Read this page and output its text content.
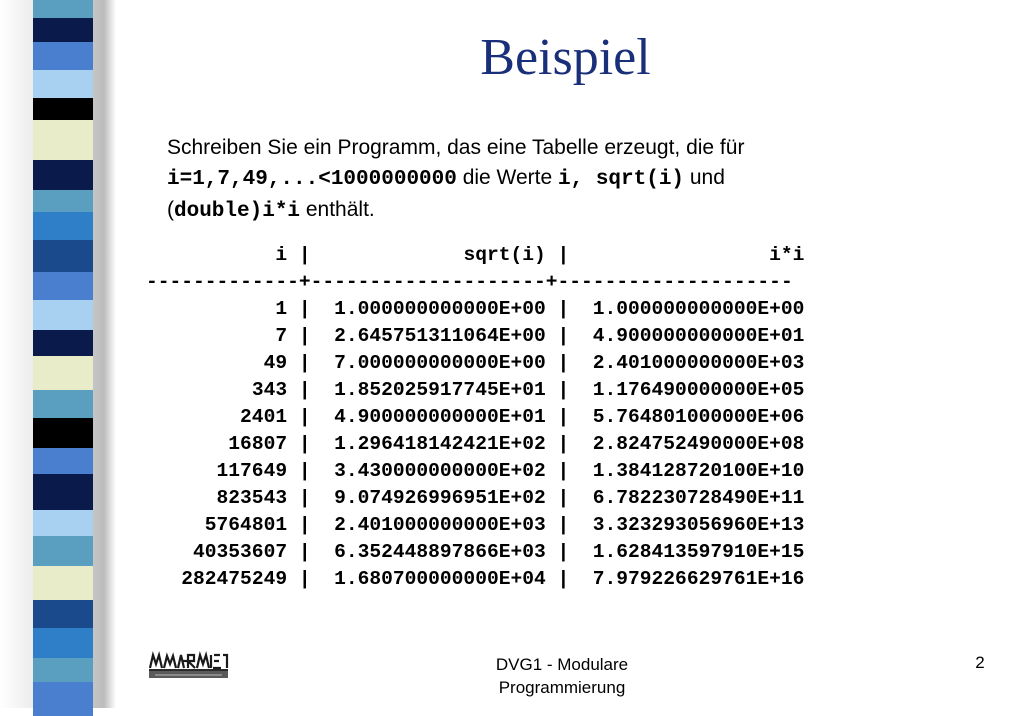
Beispiel
Schreiben Sie ein Programm, das eine Tabelle erzeugt, die für
i=1,7,49,...<1000000000 die Werte i, sqrt(i) und
(double)i*i enthält.
i |	sqrt(i) |	i*i
-------------+--------------------+--------------------
1 | 1.000000000000E+00 | 1.000000000000E+00
7 | 2.645751311064E+00 | 4.900000000000E+01
49 | 7.000000000000E+00 | 2.401000000000E+03
343 | 1.852025917745E+01 | 1.176490000000E+05
2401 | 4.900000000000E+01 | 5.764801000000E+06
16807 | 1.296418142421E+02 | 2.824752490000E+08
117649 | 3.430000000000E+02 | 1.384128720100E+10
823543 | 9.074926996951E+02 | 6.782230728490E+11
5764801 | 2.401000000000E+03 | 3.323293056960E+13
40353607 | 6.352448897866E+03 | 1.628413597910E+15
282475249 | 1.680700000000E+04 | 7.979226629761E+16
DVG1 - Modulare
Programmierung
2
